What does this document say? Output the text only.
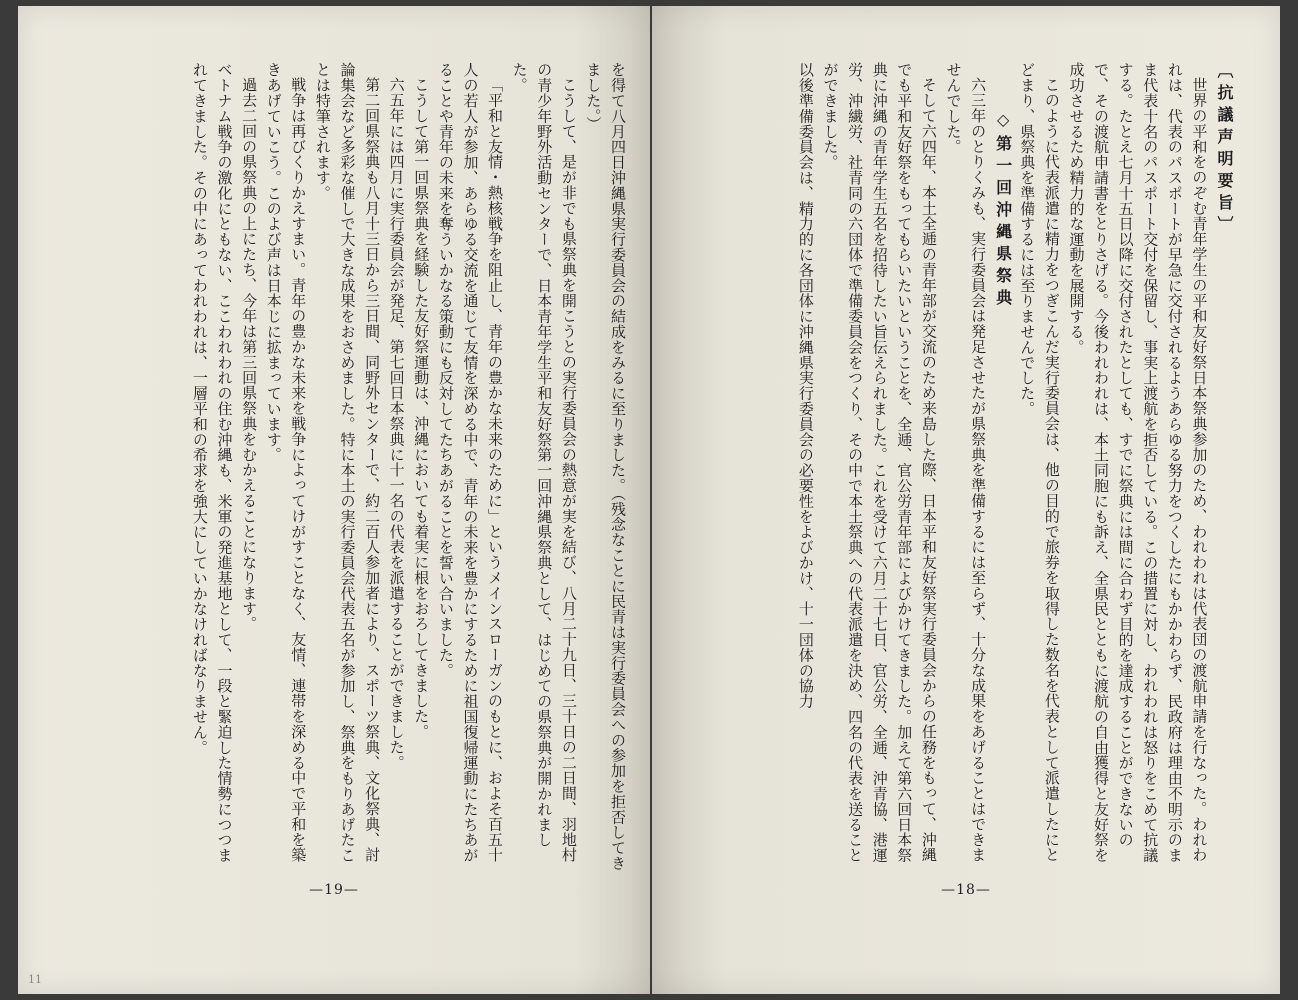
を得て八月四日沖縄県実行委員会の結成をみるに至りました。（残念なことに民青は実行委員会への参加を拒否してきました。）

こうして、是が非でも県祭典を開こうとの実行委員会の熱意が実を結び、八月二十九日、三十日の二日間、羽地村の青少年野外活動センターで、日本青年学生平和友好祭第一回沖縄県祭典として、はじめての県祭典が開かれました。

「平和と友情・熱核戦争を阻止し、青年の豊かな未来のために」というメインスローガンのもとに、およそ百五十人の若人が参加、あらゆる交流を通じて友情を深める中で、青年の未来を豊かにするために祖国復帰運動にたちあがることや青年の未来を奪ういかなる策動にも反対してたちあがることを誓い合いました。

こうして第一回県祭典を経験した友好祭運動は、沖縄においても着実に根をおろしてきました。

六五年には四月に実行委員会が発足、第七回日本祭典に十一名の代表を派遣することができました。

第二回県祭典も八月十三日から三日間、同野外センターで、約二百人参加者により、スポーツ祭典、文化祭典、討論集会など多彩な催しで大きな成果をおさめました。特に本土の実行委員会代表五名が参加し、祭典をもりあげたことは特筆されます。

戦争は再びくりかえすまい。青年の豊かな未来を戦争によってけがすことなく、友情、連帯を深める中で平和を築きあげていこう。このよび声は日本じに拡まっています。

過去二回の県祭典の上にたち、今年は第三回県祭典をむかえることになります。

ベトナム戦争の激化にともない、ここわれわれの住む沖縄も、米軍の発進基地として、一段と緊迫した情勢につつまれてきました。その中にあってわれわれは、一層平和の希求を強大にしていかなければなりません。

—19—
11

〔抗議声明要旨〕

世界の平和をのぞむ青年学生の平和友好祭日本祭典参加のため、われわれは代表団の渡航申請を行なった。われわれは、代表のパスポートが早急に交付されるようあらゆる努力をつくしたにもかかわらず、民政府は理由不明示のまま代表十名のパスポート交付を保留し、事実上渡航を拒否している。この措置に対し、われわれは怒りをこめて抗議する。たとえ七月十五日以降に交付されたとしても、すでに祭典には間に合わず目的を達成することができないので、その渡航申請書をとりさげる。今後われわれは、本土同胞にも訴え、全県民とともに渡航の自由獲得と友好祭を成功させるため精力的な運動を展開する。

このように代表派遣に精力をつぎこんだ実行委員会は、他の目的で旅券を取得した数名を代表として派遣したにとどまり、県祭典を準備するには至りませんでした。

◇第一回沖縄県祭典

六三年のとりくみも、実行委員会は発足させたが県祭典を準備するには至らず、十分な成果をあげることはできませんでした。

そして六四年、本土全逓の青年部が交流のため来島した際、日本平和友好祭実行委員会からの任務をもって、沖縄でも平和友好祭をもってもらいたいということを、全逓、官公労青年部によびかけてきました。加えて第六回日本祭典に沖縄の青年学生五名を招待したい旨伝えられました。これを受けて六月二十七日、官公労、全逓、沖青協、港運労、沖繊労、社青同の六団体で準備委員会をつくり、その中で本土祭典への代表派遣を決め、四名の代表を送ることができました。

以後準備委員会は、精力的に各団体に沖縄県実行委員会の必要性をよびかけ、十一団体の協力

—18—
